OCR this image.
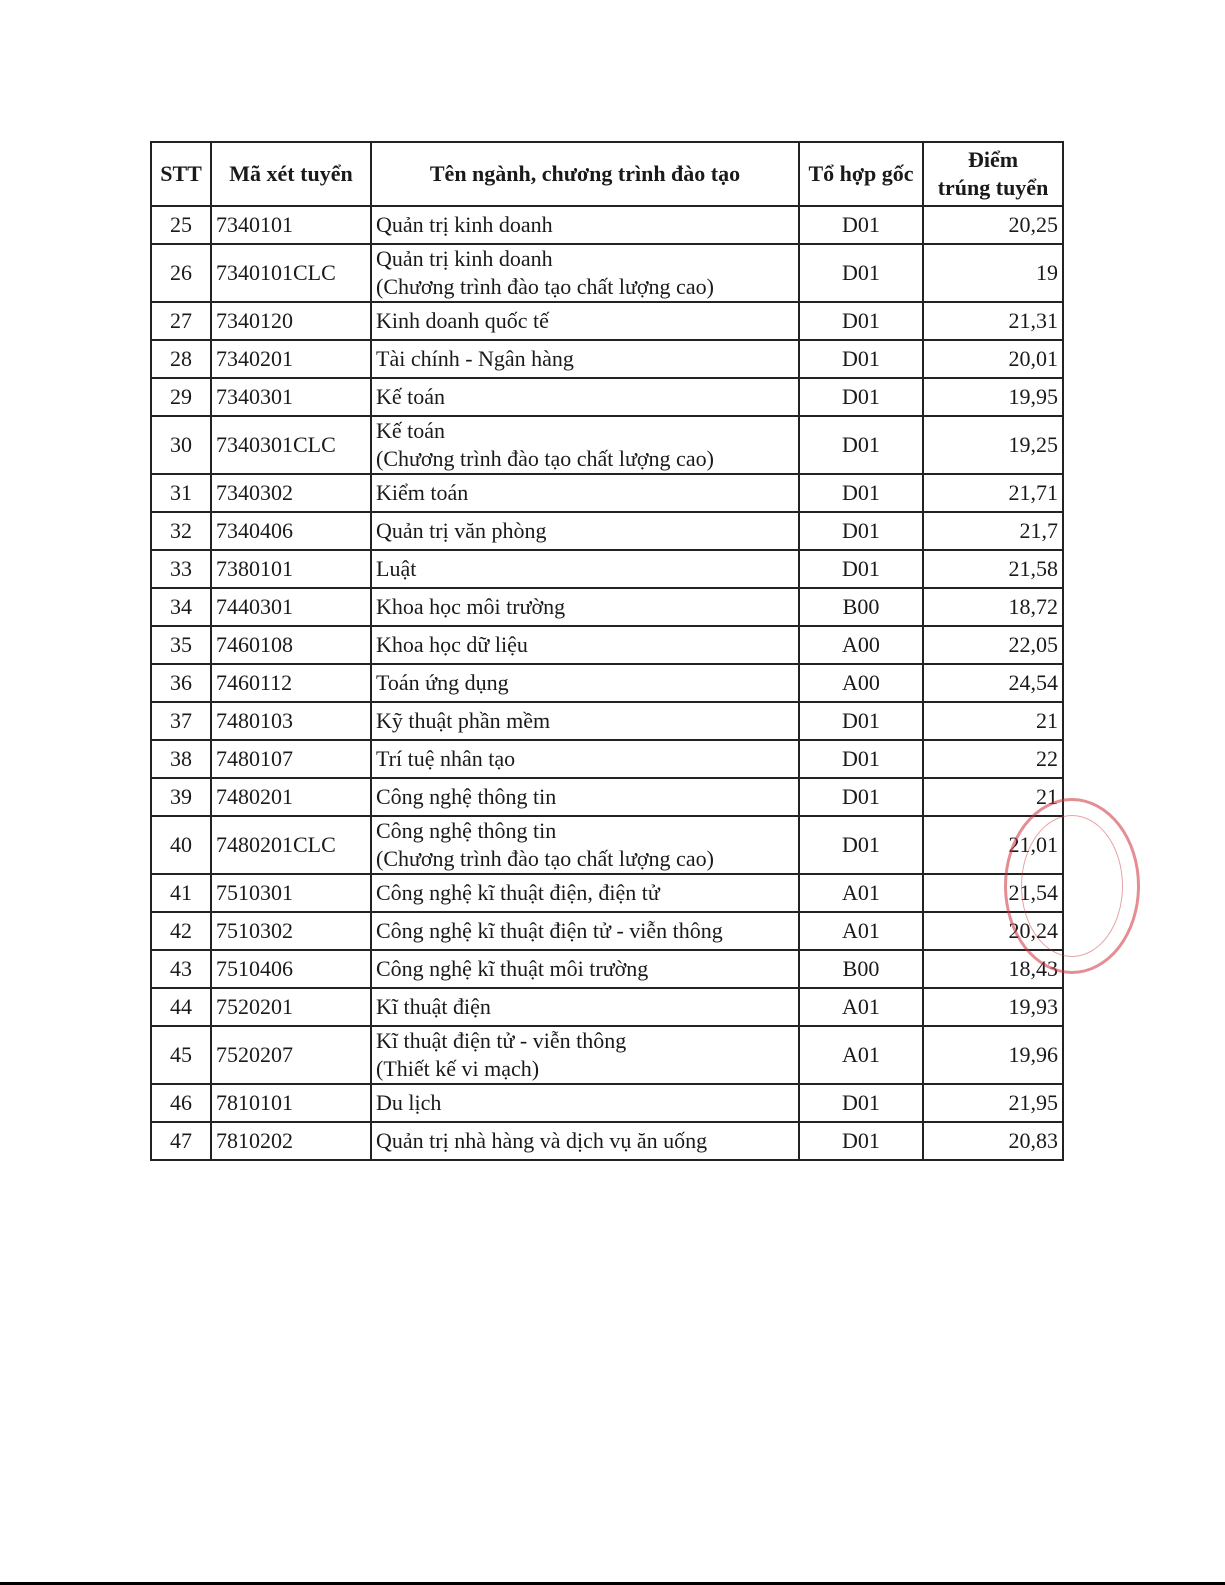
STT	Mã xét tuyển	Tên ngành, chương trình đào tạo	Tổ hợp gốc	Điểm
trúng tuyển

25	7340101	Quản trị kinh doanh	D01	20,25
26	7340101CLC	Quản trị kinh doanh
(Chương trình đào tạo chất lượng cao)	D01	19
27	7340120	Kinh doanh quốc tế	D01	21,31
28	7340201	Tài chính - Ngân hàng	D01	20,01
29	7340301	Kế toán	D01	19,95
30	7340301CLC	Kế toán
(Chương trình đào tạo chất lượng cao)	D01	19,25
31	7340302	Kiểm toán	D01	21,71
32	7340406	Quản trị văn phòng	D01	21,7
33	7380101	Luật	D01	21,58
34	7440301	Khoa học môi trường	B00	18,72
35	7460108	Khoa học dữ liệu	A00	22,05
36	7460112	Toán ứng dụng	A00	24,54
37	7480103	Kỹ thuật phần mềm	D01	21
38	7480107	Trí tuệ nhân tạo	D01	22
39	7480201	Công nghệ thông tin	D01	21
40	7480201CLC	Công nghệ thông tin
(Chương trình đào tạo chất lượng cao)	D01	21,01
41	7510301	Công nghệ kĩ thuật điện, điện tử	A01	21,54
42	7510302	Công nghệ kĩ thuật điện tử - viễn thông	A01	20,24
43	7510406	Công nghệ kĩ thuật môi trường	B00	18,43
44	7520201	Kĩ thuật điện	A01	19,93
45	7520207	Kĩ thuật điện tử - viễn thông
(Thiết kế vi mạch)	A01	19,96
46	7810101	Du lịch	D01	21,95
47	7810202	Quản trị nhà hàng và dịch vụ ăn uống	D01	20,83
